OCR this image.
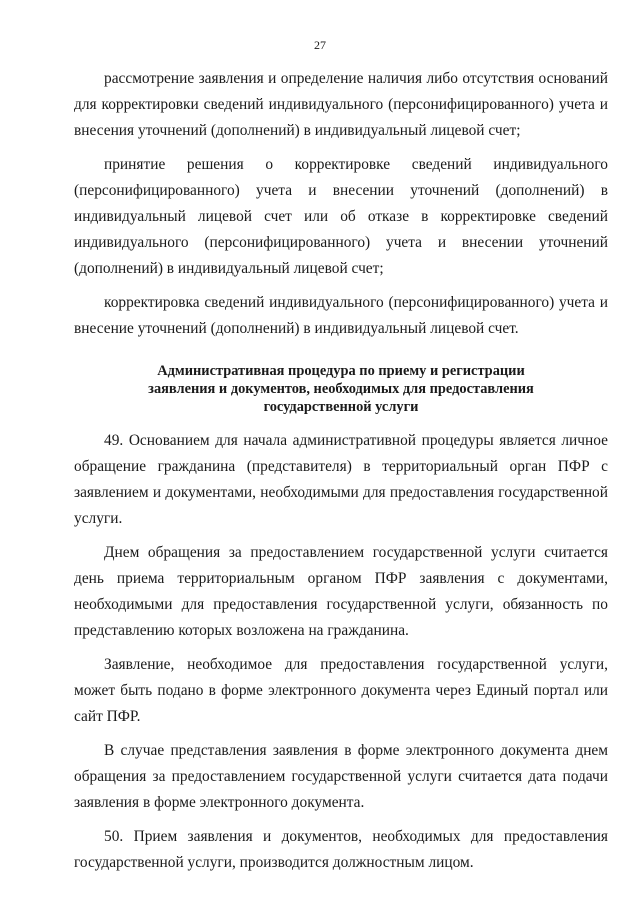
27

рассмотрение заявления и определение наличия либо отсутствия оснований для корректировки сведений индивидуального (персонифицированного) учета и внесения уточнений (дополнений) в индивидуальный лицевой счет;

принятие решения о корректировке сведений индивидуального (персонифицированного) учета и внесении уточнений (дополнений) в индивидуальный лицевой счет или об отказе в корректировке сведений индивидуального (персонифицированного) учета и внесении уточнений (дополнений) в индивидуальный лицевой счет;

корректировка сведений индивидуального (персонифицированного) учета и внесение уточнений (дополнений) в индивидуальный лицевой счет.

Административная процедура по приему и регистрации
заявления и документов, необходимых для предоставления
государственной услуги

49. Основанием для начала административной процедуры является личное обращение гражданина (представителя) в территориальный орган ПФР с заявлением и документами, необходимыми для предоставления государственной услуги.

Днем обращения за предоставлением государственной услуги считается день приема территориальным органом ПФР заявления с документами, необходимыми для предоставления государственной услуги, обязанность по представлению которых возложена на гражданина.

Заявление, необходимое для предоставления государственной услуги, может быть подано в форме электронного документа через Единый портал или сайт ПФР.

В случае представления заявления в форме электронного документа днем обращения за предоставлением государственной услуги считается дата подачи заявления в форме электронного документа.

50. Прием заявления и документов, необходимых для предоставления государственной услуги, производится должностным лицом.
